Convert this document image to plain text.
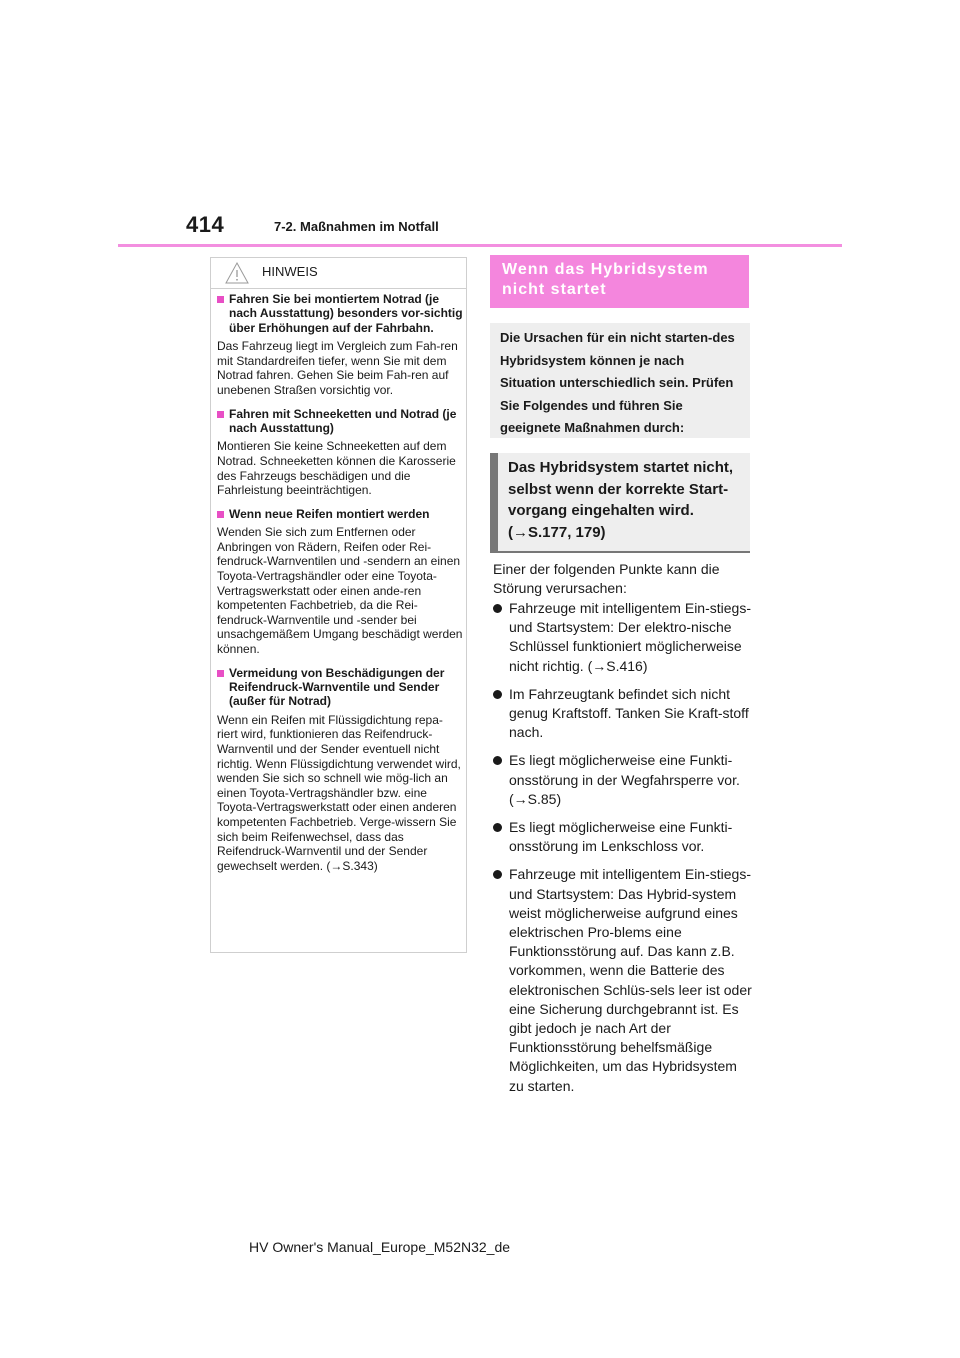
414	7-2. Maßnahmen im Notfall
HINWEIS
Fahren Sie bei montiertem Notrad (je nach Ausstattung) besonders vor-sichtig über Erhöhungen auf der Fahrbahn.
Das Fahrzeug liegt im Vergleich zum Fah-ren mit Standardreifen tiefer, wenn Sie mit dem Notrad fahren. Gehen Sie beim Fah-ren auf unebenen Straßen vorsichtig vor.
Fahren mit Schneeketten und Notrad (je nach Ausstattung)
Montieren Sie keine Schneeketten auf dem Notrad. Schneeketten können die Karosserie des Fahrzeugs beschädigen und die Fahrleistung beeinträchtigen.
Wenn neue Reifen montiert werden
Wenden Sie sich zum Entfernen oder Anbringen von Rädern, Reifen oder Rei-fendruck-Warnventilen und -sendern an einen Toyota-Vertragshändler oder eine Toyota-Vertragswerkstatt oder einen ande-ren kompetenten Fachbetrieb, da die Rei-fendruck-Warnventile und -sender bei unsachgemäßem Umgang beschädigt werden können.
Vermeidung von Beschädigungen der Reifendruck-Warnventile und Sender (außer für Notrad)
Wenn ein Reifen mit Flüssigdichtung repa-riert wird, funktionieren das Reifendruck-Warnventil und der Sender eventuell nicht richtig. Wenn Flüssigdichtung verwendet wird, wenden Sie sich so schnell wie mög-lich an einen Toyota-Vertragshändler bzw. eine Toyota-Vertragswerkstatt oder einen anderen kompetenten Fachbetrieb. Verge-wissern Sie sich beim Reifenwechsel, dass das Reifendruck-Warnventil und der Sender gewechselt werden. (→S.343)
Wenn das Hybridsystem nicht startet
Die Ursachen für ein nicht starten-des Hybridsystem können je nach Situation unterschiedlich sein. Prüfen Sie Folgendes und führen Sie geeignete Maßnahmen durch:
Das Hybridsystem startet nicht, selbst wenn der korrekte Start-vorgang eingehalten wird. (→S.177, 179)
Einer der folgenden Punkte kann die Störung verursachen:
Fahrzeuge mit intelligentem Ein-stiegs- und Startsystem: Der elektro-nische Schlüssel funktioniert möglicherweise nicht richtig. (→S.416)
Im Fahrzeugtank befindet sich nicht genug Kraftstoff. Tanken Sie Kraft-stoff nach.
Es liegt möglicherweise eine Funkti-onsstörung in der Wegfahrsperre vor. (→S.85)
Es liegt möglicherweise eine Funkti-onsstörung im Lenkschloss vor.
Fahrzeuge mit intelligentem Ein-stiegs- und Startsystem: Das Hybrid-system weist möglicherweise aufgrund eines elektrischen Pro-blems eine Funktionsstörung auf. Das kann z.B. vorkommen, wenn die Batterie des elektronischen Schlüs-sels leer ist oder eine Sicherung durchgebrannt ist. Es gibt jedoch je nach Art der Funktionsstörung behelfsmäßige Möglichkeiten, um das Hybridsystem zu starten.
HV Owner's Manual_Europe_M52N32_de
